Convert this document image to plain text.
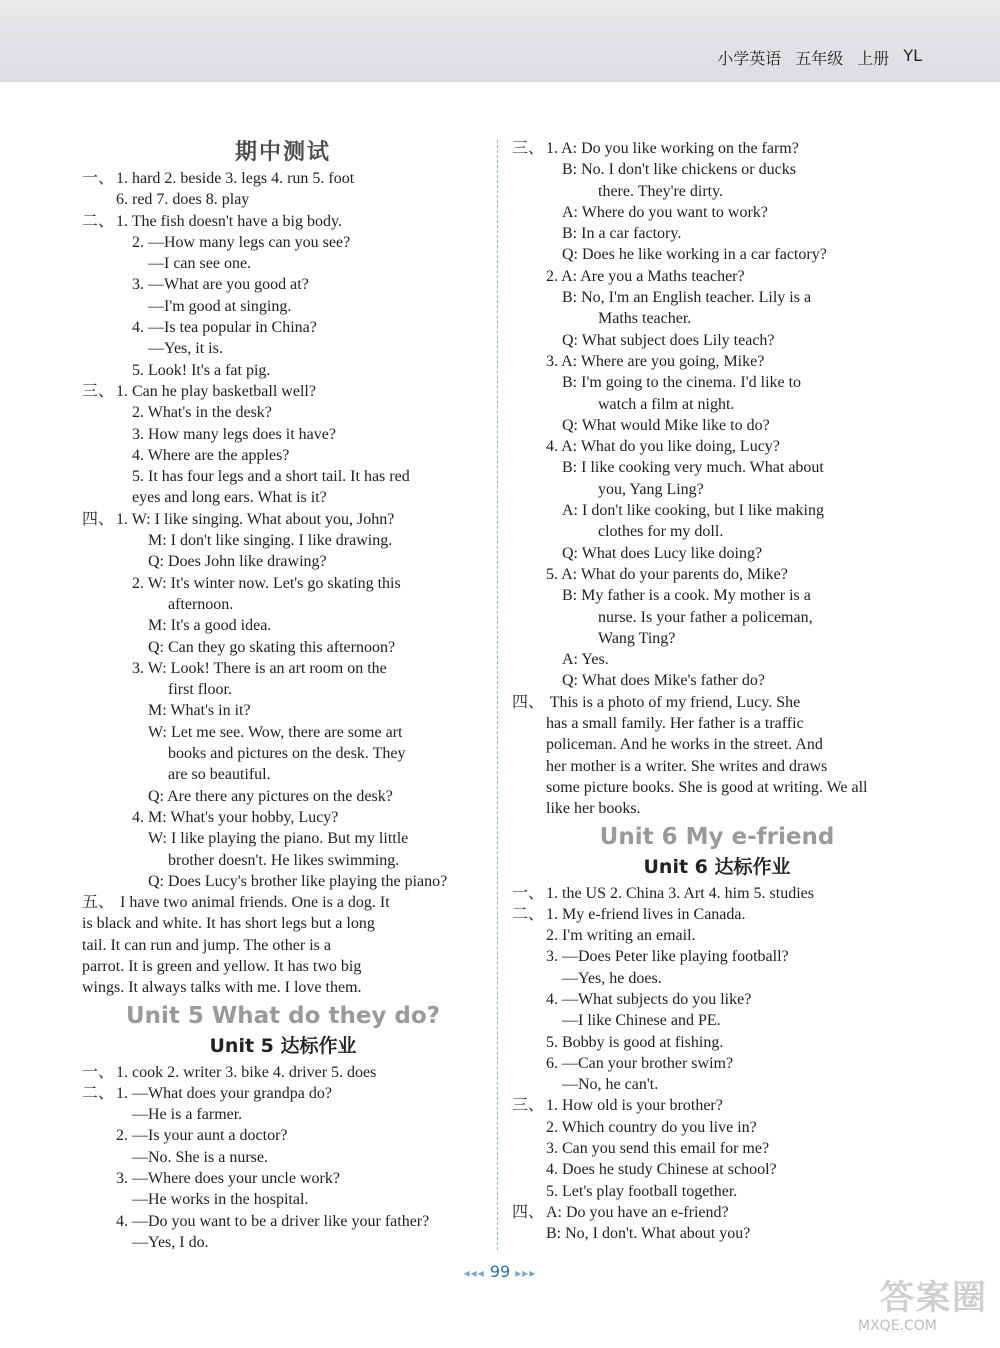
小学英语 五年级 上册 YL
期中测试
一、 1. hard 2. beside 3. legs 4. run 5. foot
6. red 7. does 8. play
二、 1. The fish doesn't have a big body.
2. —How many legs can you see?
—I can see one.
3. —What are you good at?
—I'm good at singing.
4. —Is tea popular in China?
—Yes, it is.
5. Look! It's a fat pig.
三、 1. Can he play basketball well?
2. What's in the desk?
3. How many legs does it have?
4. Where are the apples?
5. It has four legs and a short tail. It has red
eyes and long ears. What is it?
四、 1. W: I like singing. What about you, John?
M: I don't like singing. I like drawing.
Q: Does John like drawing?
2. W: It's winter now. Let's go skating this
afternoon.
M: It's a good idea.
Q: Can they go skating this afternoon?
3. W: Look! There is an art room on the
first floor.
M: What's in it?
W: Let me see. Wow, there are some art
books and pictures on the desk. They
are so beautiful.
Q: Are there any pictures on the desk?
4. M: What's your hobby, Lucy?
W: I like playing the piano. But my little
brother doesn't. He likes swimming.
Q: Does Lucy's brother like playing the piano?
五、 I have two animal friends. One is a dog. It
is black and white. It has short legs but a long
tail. It can run and jump. The other is a
parrot. It is green and yellow. It has two big
wings. It always talks with me. I love them.
Unit 5 What do they do?
Unit 5 达标作业
一、 1. cook 2. writer 3. bike 4. driver 5. does
二、 1. —What does your grandpa do?
—He is a farmer.
2. —Is your aunt a doctor?
—No. She is a nurse.
3. —Where does your uncle work?
—He works in the hospital.
4. —Do you want to be a driver like your father?
—Yes, I do.
三、 1. A: Do you like working on the farm?
B: No. I don't like chickens or ducks
there. They're dirty.
A: Where do you want to work?
B: In a car factory.
Q: Does he like working in a car factory?
2. A: Are you a Maths teacher?
B: No, I'm an English teacher. Lily is a
Maths teacher.
Q: What subject does Lily teach?
3. A: Where are you going, Mike?
B: I'm going to the cinema. I'd like to
watch a film at night.
Q: What would Mike like to do?
4. A: What do you like doing, Lucy?
B: I like cooking very much. What about
you, Yang Ling?
A: I don't like cooking, but I like making
clothes for my doll.
Q: What does Lucy like doing?
5. A: What do your parents do, Mike?
B: My father is a cook. My mother is a
nurse. Is your father a policeman,
Wang Ting?
A: Yes.
Q: What does Mike's father do?
四、 This is a photo of my friend, Lucy. She
has a small family. Her father is a traffic
policeman. And he works in the street. And
her mother is a writer. She writes and draws
some picture books. She is good at writing. We all
like her books.
Unit 6 My e-friend
Unit 6 达标作业
一、 1. the US 2. China 3. Art 4. him 5. studies
二、 1. My e-friend lives in Canada.
2. I'm writing an email.
3. —Does Peter like playing football?
—Yes, he does.
4. —What subjects do you like?
—I like Chinese and PE.
5. Bobby is good at fishing.
6. —Can your brother swim?
—No, he can't.
三、 1. How old is your brother?
2. Which country do you live in?
3. Can you send this email for me?
4. Does he study Chinese at school?
5. Let's play football together.
四、 A: Do you have an e-friend?
B: No, I don't. What about you?
◂◂◂ 99 ▸▸▸
答案圈
MXQE.COM
